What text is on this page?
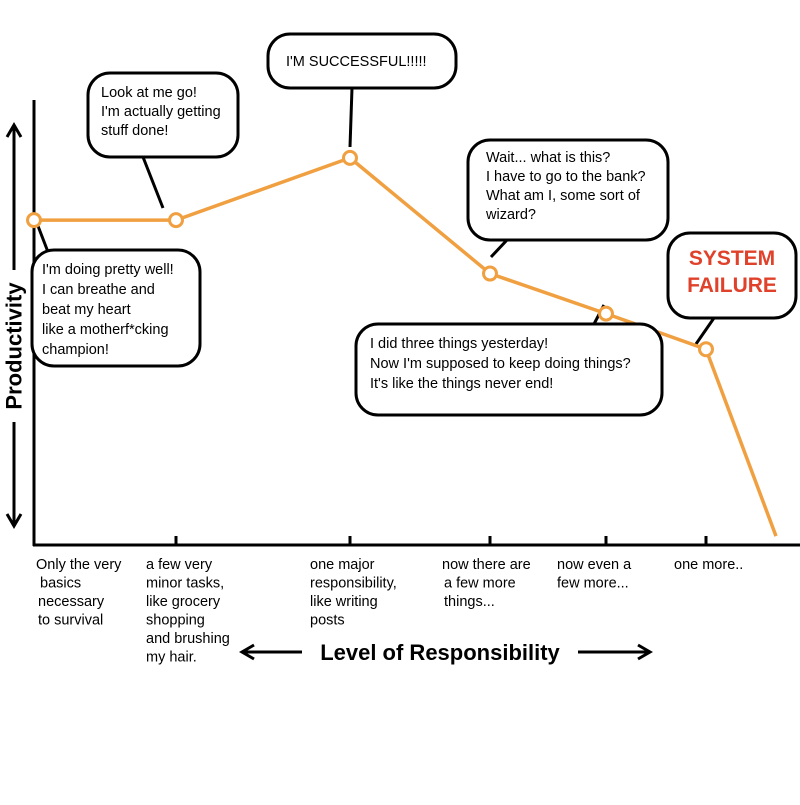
Productivity
Level of Responsibility
Only the very basics necessary to survival
a few very minor tasks, like grocery shopping and brushing my hair.
one major responsibility, like writing posts
now there are a few more things...
now even a few more...
one more..
I'm doing pretty well! I can breathe and beat my heart like a motherf*cking champion!
Look at me go! I'm actually getting stuff done!
I'M SUCCESSFUL!!!!!
Wait... what is this? I have to go to the bank? What am I, some sort of wizard?
I did three things yesterday! Now I'm supposed to keep doing things? It's like the things never end!
SYSTEM FAILURE
